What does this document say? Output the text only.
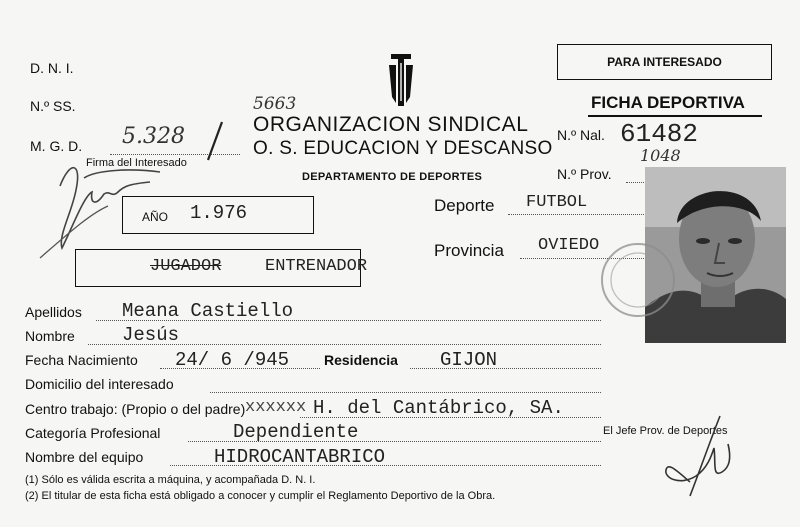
D. N. I.
N.º SS.
M. G. D. 5.328
Firma del Interesado
5663
ORGANIZACION SINDICAL
O. S. EDUCACION Y DESCANSO
DEPARTAMENTO DE DEPORTES
PARA INTERESADO
FICHA DEPORTIVA
N.º Nal. 61482
1048
N.º Prov.
AÑO 1.976
JUGADOR	ENTRENADOR
Deporte FUTBOL
Provincia OVIEDO
Apellidos Meana Castiello
Nombre Jesús
Fecha Nacimiento 24/ 6 /945 Residencia GIJON
Domicilio del interesado
Centro trabajo: (Propio o del padre) xxxxxx H. del Cantábrico, SA.
Categoría Profesional	Dependiente
Nombre del equipo	HIDROCANTABRICO
El Jefe Prov. de Deportes
(1) Sólo es válida escrita a máquina, y acompañada D. N. I.
(2) El titular de esta ficha está obligado a conocer y cumplir el Reglamento Deportivo de la Obra.
